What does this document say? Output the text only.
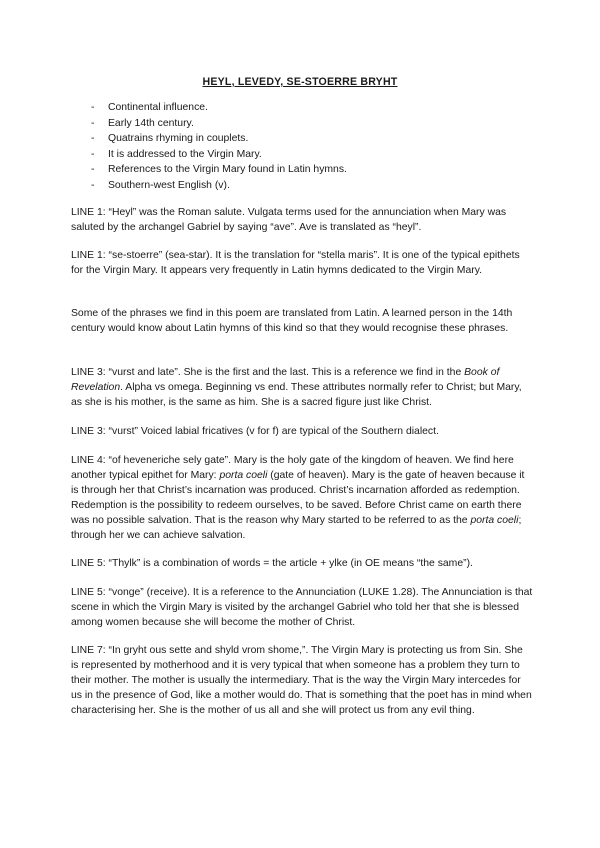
HEYL, LEVEDY, SE-STOERRE BRYHT
- Continental influence.
- Early 14th century.
- Quatrains rhyming in couplets.
- It is addressed to the Virgin Mary.
- References to the Virgin Mary found in Latin hymns.
- Southern-west English (v).

LINE 1: “Heyl” was the Roman salute. Vulgata terms used for the annunciation when Mary was saluted by the archangel Gabriel by saying “ave”. Ave is translated as “heyl”.

LINE 1: “se-stoerre” (sea-star). It is the translation for “stella maris”. It is one of the typical epithets for the Virgin Mary. It appears very frequently in Latin hymns dedicated to the Virgin Mary.

Some of the phrases we find in this poem are translated from Latin. A learned person in the 14th century would know about Latin hymns of this kind so that they would recognise these phrases.

LINE 3: “vurst and late”. She is the first and the last. This is a reference we find in the Book of Revelation. Alpha vs omega. Beginning vs end. These attributes normally refer to Christ; but Mary, as she is his mother, is the same as him. She is a sacred figure just like Christ.

LINE 3: “vurst” Voiced labial fricatives (v for f) are typical of the Southern dialect.

LINE 4: “of heveneriche sely gate”. Mary is the holy gate of the kingdom of heaven. We find here another typical epithet for Mary: porta coeli (gate of heaven). Mary is the gate of heaven because it is through her that Christ’s incarnation was produced. Christ’s incarnation afforded as redemption. Redemption is the possibility to redeem ourselves, to be saved. Before Christ came on earth there was no possible salvation. That is the reason why Mary started to be referred to as the porta coeli; through her we can achieve salvation.

LINE 5: “Thylk” is a combination of words = the article + ylke (in OE means “the same”).

LINE 5: “vonge” (receive). It is a reference to the Annunciation (LUKE 1.28). The Annunciation is that scene in which the Virgin Mary is visited by the archangel Gabriel who told her that she is blessed among women because she will become the mother of Christ.

LINE 7: “In gryht ous sette and shyld vrom shome,”. The Virgin Mary is protecting us from Sin. She is represented by motherhood and it is very typical that when someone has a problem they turn to their mother. The mother is usually the intermediary. That is the way the Virgin Mary intercedes for us in the presence of God, like a mother would do. That is something that the poet has in mind when characterising her. She is the mother of us all and she will protect us from any evil thing.
